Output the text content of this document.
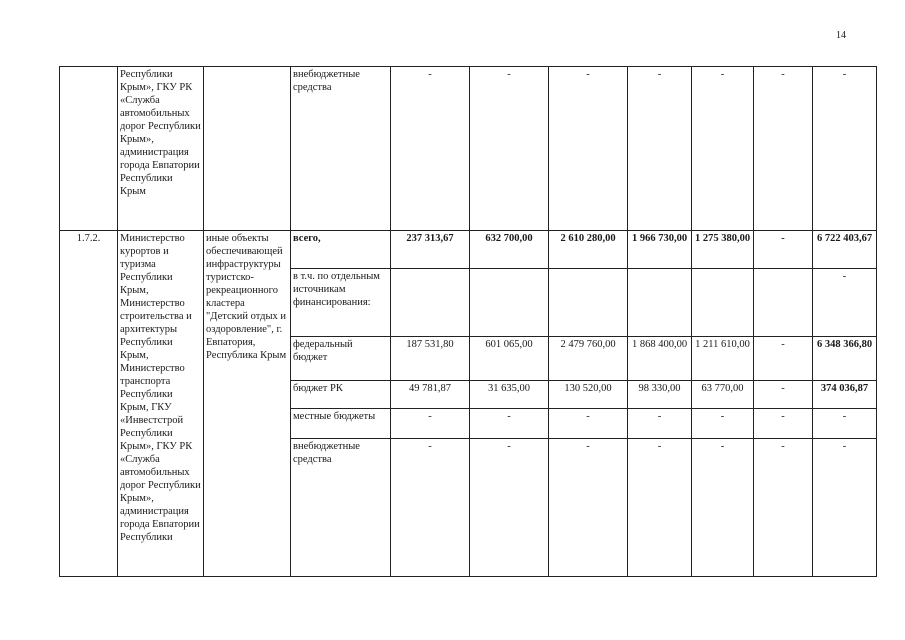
14
	Республики Крым», ГКУ РК «Служба автомобильных дорог Республики Крым», администрация города Евпатории Республики Крым		внебюджетные средства	-	-	-	-	-	-	-
1.7.2.	Министерство курортов и туризма Республики Крым, Министерство строительства и архитектуры Республики Крым, Министерство транспорта Республики Крым, ГКУ «Инвестстрой Республики Крым», ГКУ РК «Служба автомобильных дорог Республики Крым», администрация города Евпатории Республики	иные объекты обеспечивающей инфраструктуры туристско-рекреационного кластера "Детский отдых и оздоровление", г. Евпатория, Республика Крым	всего,	237 313,67	632 700,00	2 610 280,00	1 966 730,00	1 275 380,00	-	6 722 403,67
			в т.ч. по отдельным источникам финансирования:							-
			федеральный бюджет	187 531,80	601 065,00	2 479 760,00	1 868 400,00	1 211 610,00	-	6 348 366,80
			бюджет РК	49 781,87	31 635,00	130 520,00	98 330,00	63 770,00	-	374 036,87
			местные бюджеты	-	-	-	-	-	-	-
			внебюджетные средства	-	-	-	-	-	-	-
